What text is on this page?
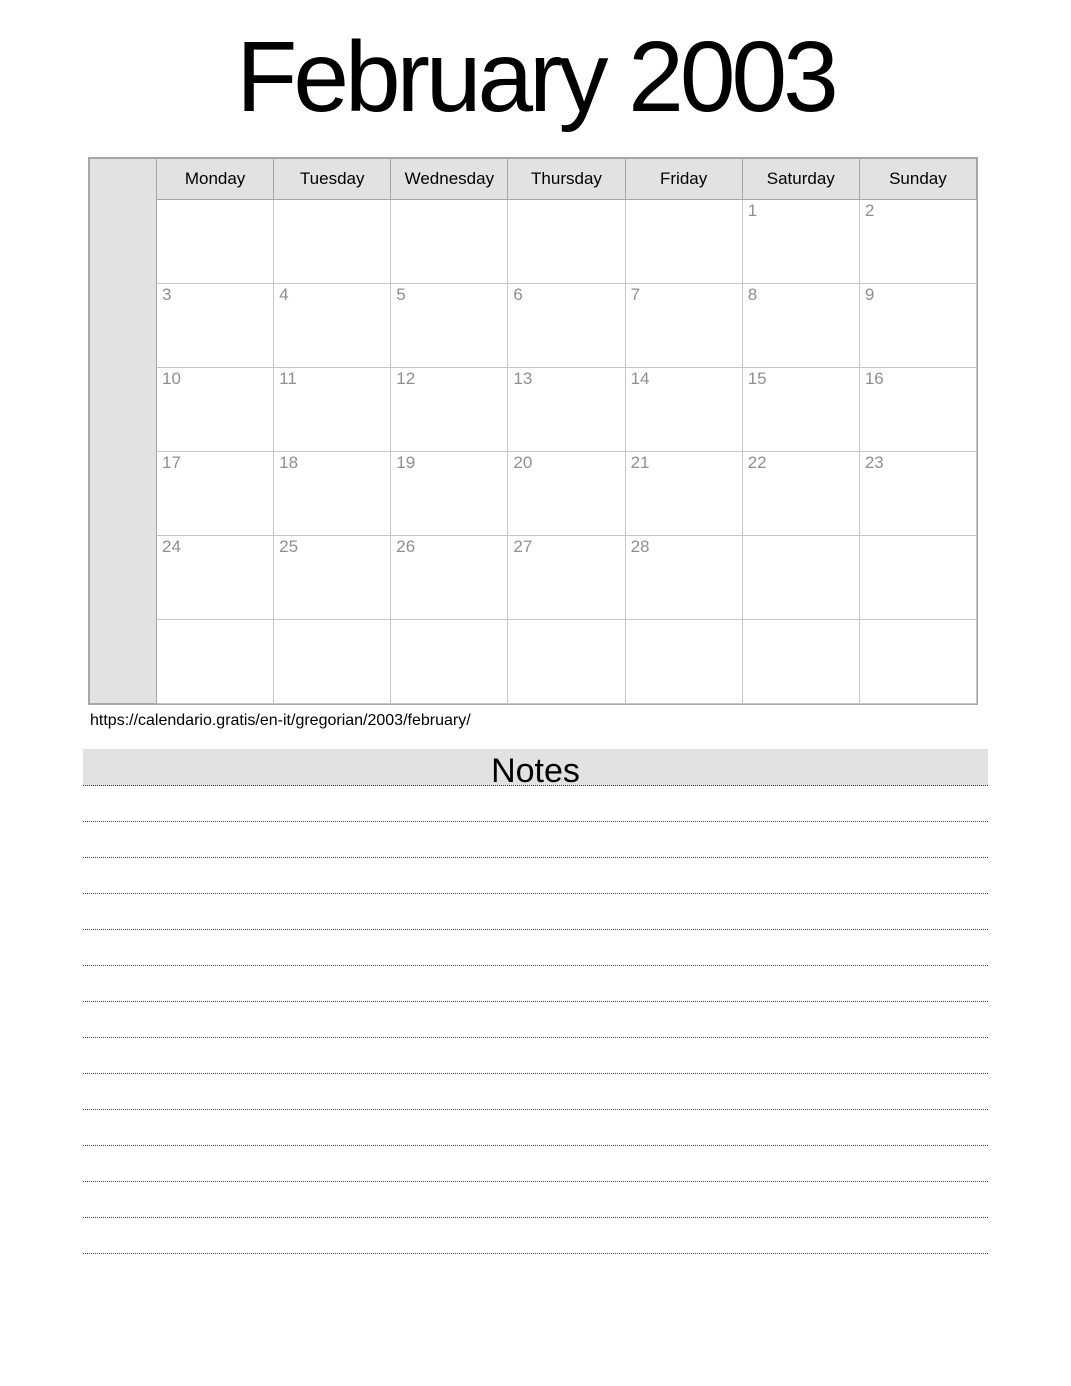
February 2003
	Monday	Tuesday	Wednesday	Thursday	Friday	Saturday	Sunday
						1	2
	3	4	5	6	7	8	9
	10	11	12	13	14	15	16
	17	18	19	20	21	22	23
	24	25	26	27	28		

https://calendario.gratis/en-it/gregorian/2003/february/
Notes
